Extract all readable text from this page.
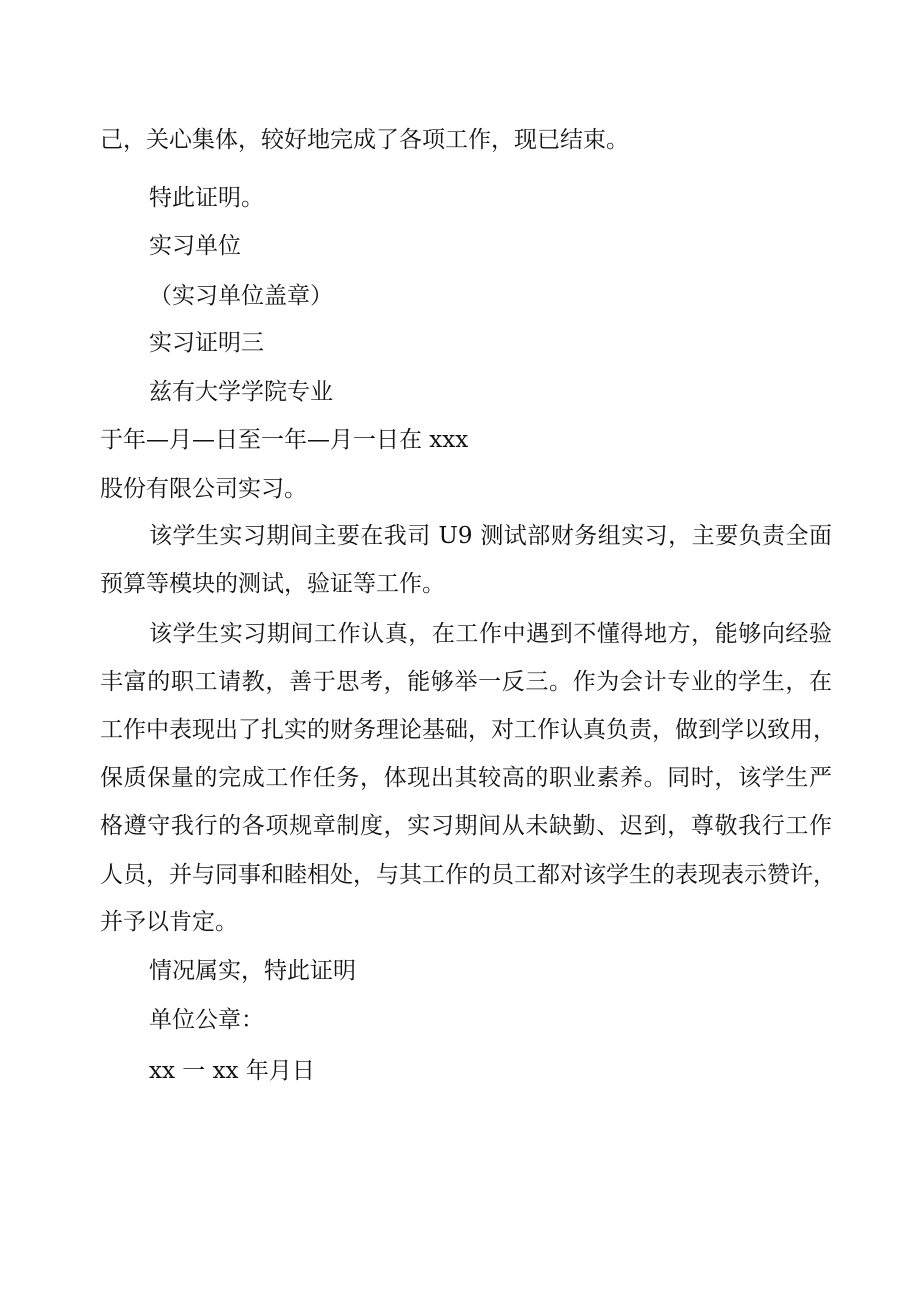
己，关心集体，较好地完成了各项工作，现已结束。
特此证明。
实习单位
（实习单位盖章）
实习证明三
兹有大学学院专业
于年—月—日至一年—月一日在 xxx
股份有限公司实习。
该学生实习期间主要在我司 U9 测试部财务组实习，主要负责全面
预算等模块的测试，验证等工作。
该学生实习期间工作认真，在工作中遇到不懂得地方，能够向经验
丰富的职工请教，善于思考，能够举一反三。作为会计专业的学生，在
工作中表现出了扎实的财务理论基础，对工作认真负责，做到学以致用，
保质保量的完成工作任务，体现出其较高的职业素养。同时，该学生严
格遵守我行的各项规章制度，实习期间从未缺勤、迟到，尊敬我行工作
人员，并与同事和睦相处，与其工作的员工都对该学生的表现表示赞许，
并予以肯定。
情况属实，特此证明
单位公章：
xx 一 xx 年月日
